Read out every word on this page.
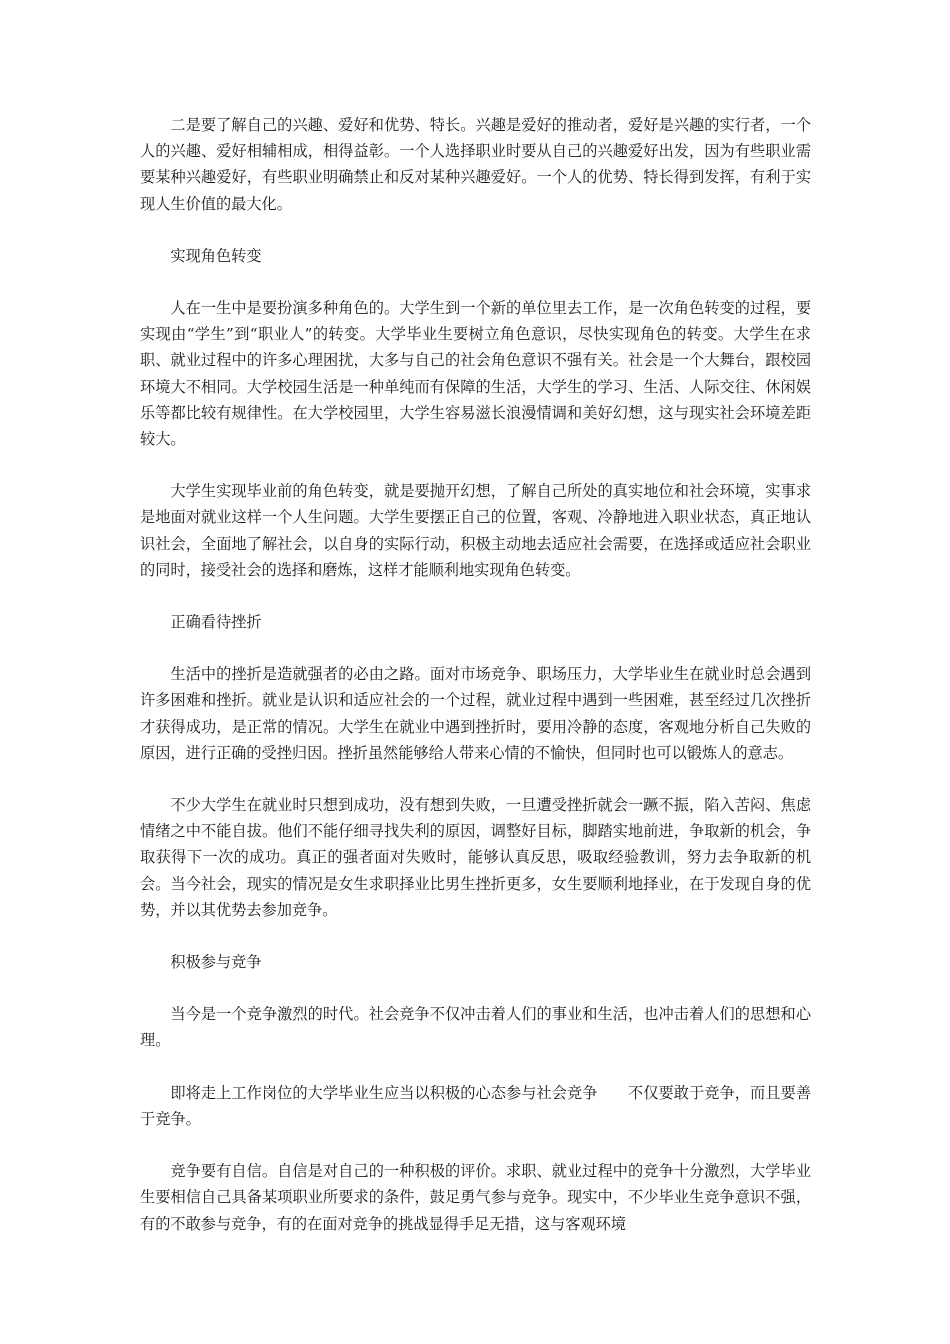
二是要了解自己的兴趣、爱好和优势、特长。兴趣是爱好的推动者，爱好是兴趣的实行者，一个人的兴趣、爱好相辅相成，相得益彰。一个人选择职业时要从自己的兴趣爱好出发，因为有些职业需要某种兴趣爱好，有些职业明确禁止和反对某种兴趣爱好。一个人的优势、特长得到发挥，有利于实现人生价值的最大化。

实现角色转变

人在一生中是要扮演多种角色的。大学生到一个新的单位里去工作，是一次角色转变的过程，要实现由“学生”到“职业人”的转变。大学毕业生要树立角色意识，尽快实现角色的转变。大学生在求职、就业过程中的许多心理困扰，大多与自己的社会角色意识不强有关。社会是一个大舞台，跟校园环境大不相同。大学校园生活是一种单纯而有保障的生活，大学生的学习、生活、人际交往、休闲娱乐等都比较有规律性。在大学校园里，大学生容易滋长浪漫情调和美好幻想，这与现实社会环境差距较大。

大学生实现毕业前的角色转变，就是要抛开幻想，了解自己所处的真实地位和社会环境，实事求是地面对就业这样一个人生问题。大学生要摆正自己的位置，客观、冷静地进入职业状态，真正地认识社会，全面地了解社会，以自身的实际行动，积极主动地去适应社会需要，在选择或适应社会职业的同时，接受社会的选择和磨炼，这样才能顺利地实现角色转变。

正确看待挫折

生活中的挫折是造就强者的必由之路。面对市场竞争、职场压力，大学毕业生在就业时总会遇到许多困难和挫折。就业是认识和适应社会的一个过程，就业过程中遇到一些困难，甚至经过几次挫折才获得成功，是正常的情况。大学生在就业中遇到挫折时，要用冷静的态度，客观地分析自己失败的原因，进行正确的受挫归因。挫折虽然能够给人带来心情的不愉快，但同时也可以锻炼人的意志。

不少大学生在就业时只想到成功，没有想到失败，一旦遭受挫折就会一蹶不振，陷入苦闷、焦虑情绪之中不能自拔。他们不能仔细寻找失利的原因，调整好目标，脚踏实地前进，争取新的机会，争取获得下一次的成功。真正的强者面对失败时，能够认真反思，吸取经验教训，努力去争取新的机会。当今社会，现实的情况是女生求职择业比男生挫折更多，女生要顺利地择业，在于发现自身的优势，并以其优势去参加竞争。

积极参与竞争

当今是一个竞争激烈的时代。社会竞争不仅冲击着人们的事业和生活，也冲击着人们的思想和心理。

即将走上工作岗位的大学毕业生应当以积极的心态参与社会竞争　　不仅要敢于竞争，而且要善于竞争。

竞争要有自信。自信是对自己的一种积极的评价。求职、就业过程中的竞争十分激烈，大学毕业生要相信自己具备某项职业所要求的条件，鼓足勇气参与竞争。现实中，不少毕业生竞争意识不强，有的不敢参与竞争，有的在面对竞争的挑战显得手足无措，这与客观环境
